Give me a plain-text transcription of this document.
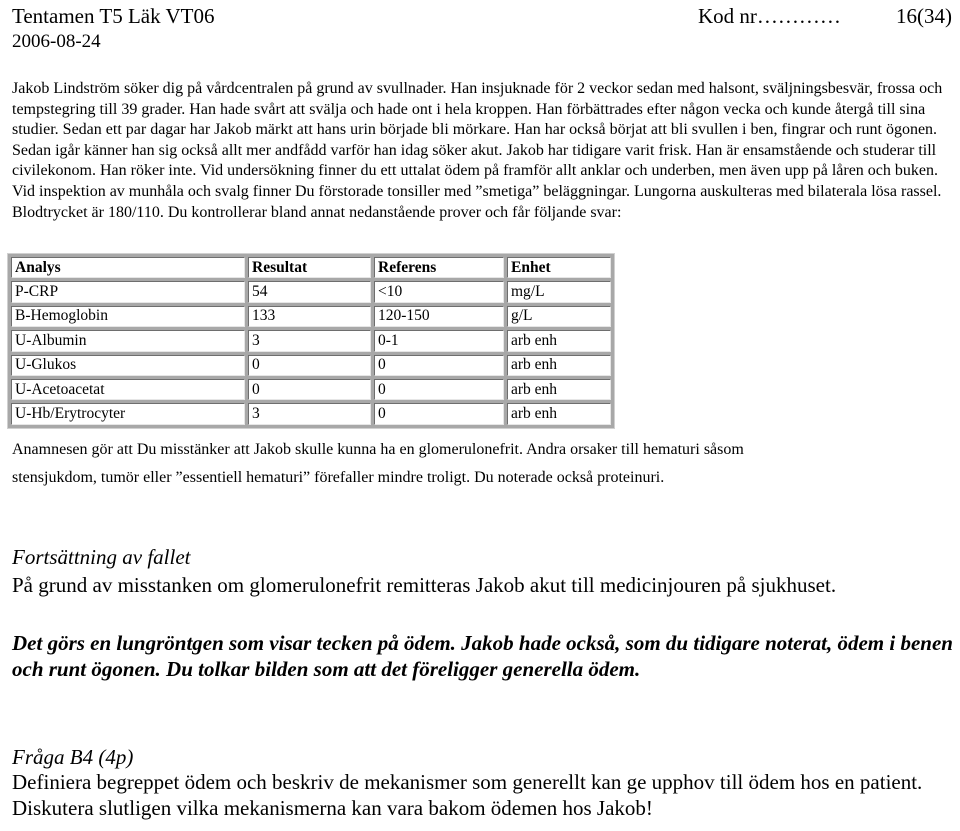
Tentamen T5 Läk VT06
2006-08-24
Kod nr…………	16(34)

Jakob Lindström söker dig på vårdcentralen på grund av svullnader. Han insjuknade för 2 veckor sedan med halsont, sväljningsbesvär, frossa och tempstegring till 39 grader. Han hade svårt att svälja och hade ont i hela kroppen. Han förbättrades efter någon vecka och kunde återgå till sina studier. Sedan ett par dagar har Jakob märkt att hans urin började bli mörkare. Han har också börjat att bli svullen i ben, fingrar och runt ögonen. Sedan igår känner han sig också allt mer andfådd varför han idag söker akut. Jakob har tidigare varit frisk. Han är ensamstående och studerar till civilekonom. Han röker inte. Vid undersökning finner du ett uttalat ödem på framför allt anklar och underben, men även upp på låren och buken. Vid inspektion av munhåla och svalg finner Du förstorade tonsiller med ”smetiga” beläggningar. Lungorna auskulteras med bilaterala lösa rassel. Blodtrycket är 180/110. Du kontrollerar bland annat nedanstående prover och får följande svar:

Analys	Resultat	Referens	Enhet
P-CRP	54	<10	mg/L
B-Hemoglobin	133	120-150	g/L
U-Albumin	3	0-1	arb enh
U-Glukos	0	0	arb enh
U-Acetoacetat	0	0	arb enh
U-Hb/Erytrocyter	3	0	arb enh
Anamnesen gör att Du misstänker att Jakob skulle kunna ha en glomerulonefrit. Andra orsaker till hematuri såsom
stensjukdom, tumör eller ”essentiell hematuri” förefaller mindre troligt. Du noterade också proteinuri.
Fortsättning av fallet
På grund av misstanken om glomerulonefrit remitteras Jakob akut till medicinjouren på sjukhuset.
Det görs en lungröntgen som visar tecken på ödem. Jakob hade också, som du tidigare noterat, ödem i benen och runt ögonen. Du tolkar bilden som att det föreligger generella ödem.
Fråga B4 (4p)
Definiera begreppet ödem och beskriv de mekanismer som generellt kan ge upphov till ödem hos en patient. Diskutera slutligen vilka mekanismerna kan vara bakom ödemen hos Jakob!
